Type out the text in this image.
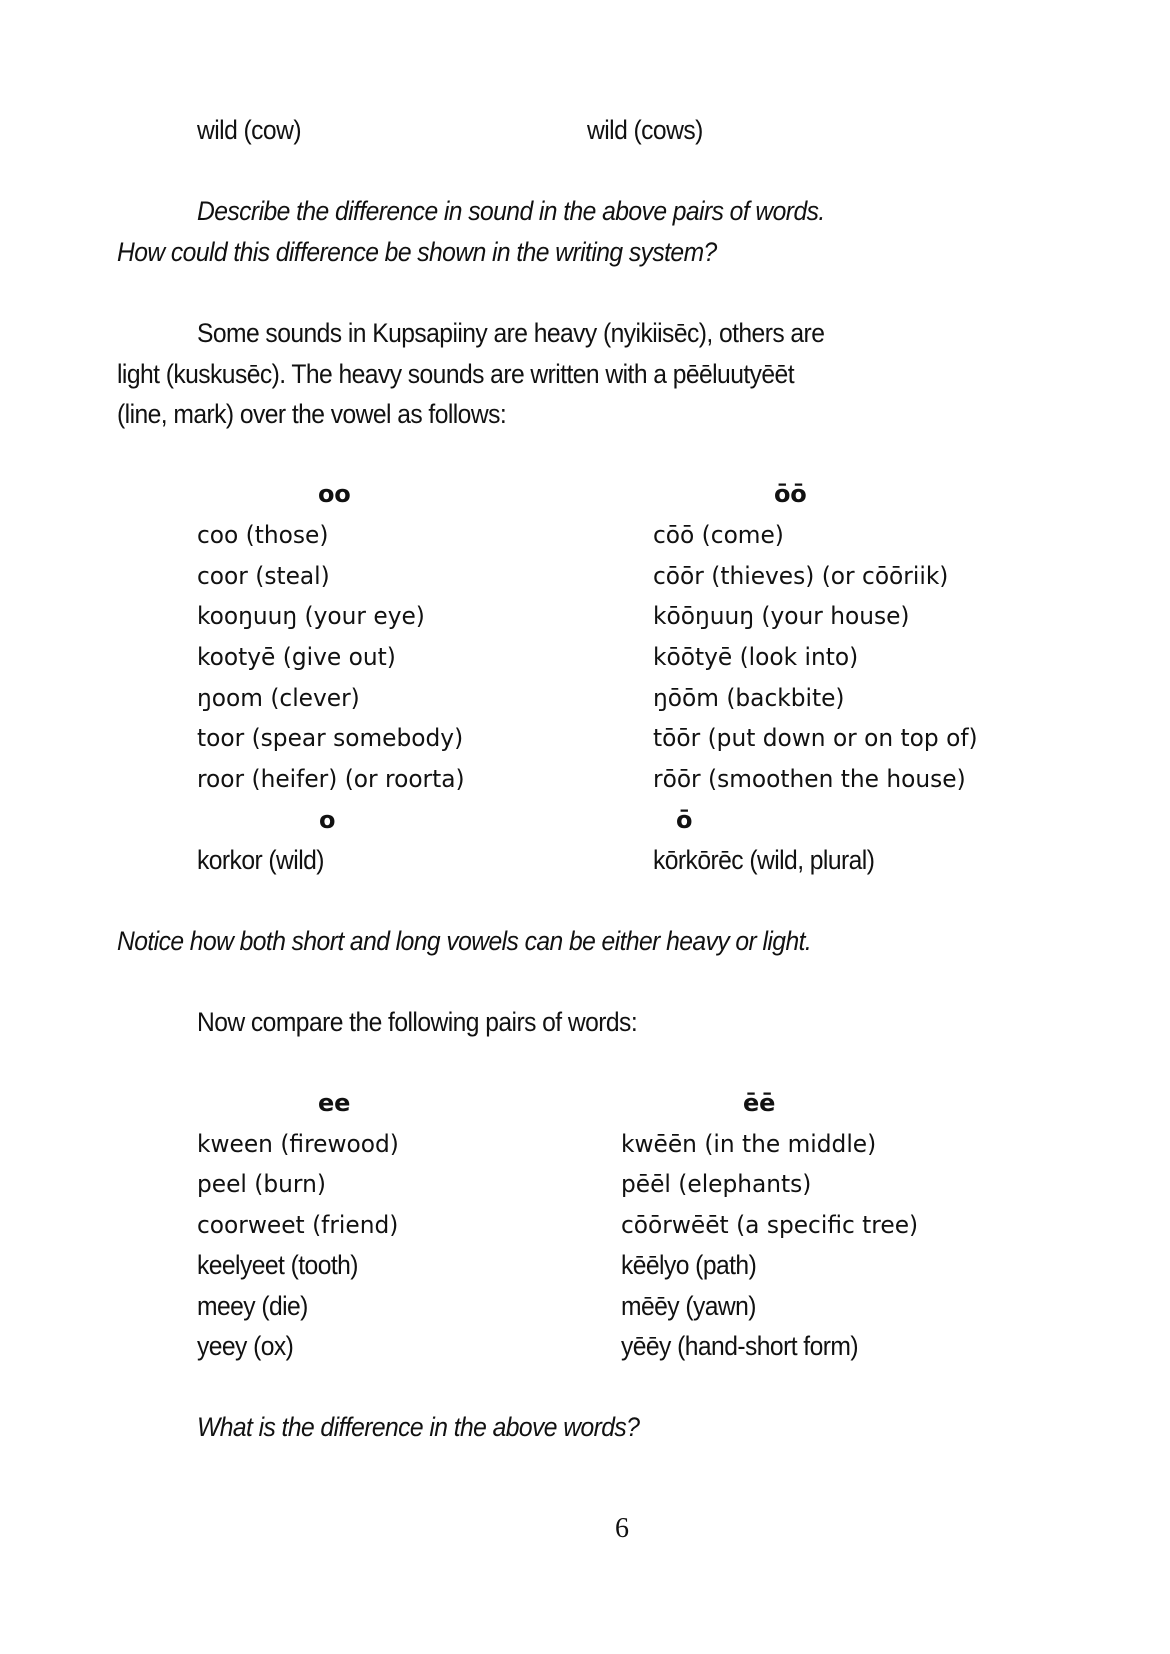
wild (cow)	wild (cows)
Describe the difference in sound in the above pairs of words.
How could this difference be shown in the writing system?
Some sounds in Kupsapiiny are heavy (nyikiisēc), others are
light (kuskusēc). The heavy sounds are written with a pēēluutyēēt
(line, mark) over the vowel as follows:
oo	ōō
coo (those)	cōō (come)
coor (steal)	cōōr (thieves) (or cōōriik)
kooŋuuŋ (your eye)	kōōŋuuŋ (your house)
kootyē (give out)	kōōtyē (look into)
ŋoom (clever)	ŋōōm (backbite)
toor (spear somebody)	tōōr (put down or on top of)
roor (heifer) (or roorta)	rōōr (smoothen the house)
o	ō
korkor (wild)	kōrkōrēc (wild, plural)
Notice how both short and long vowels can be either heavy or light.
Now compare the following pairs of words:
ee	ēē
kween (firewood)	kwēēn (in the middle)
peel (burn)	pēēl (elephants)
coorweet (friend)	cōōrwēēt (a specific tree)
keelyeet (tooth)	kēēlyo (path)
meey (die)	mēēy (yawn)
yeey (ox)	yēēy (hand-short form)
What is the difference in the above words?
6
